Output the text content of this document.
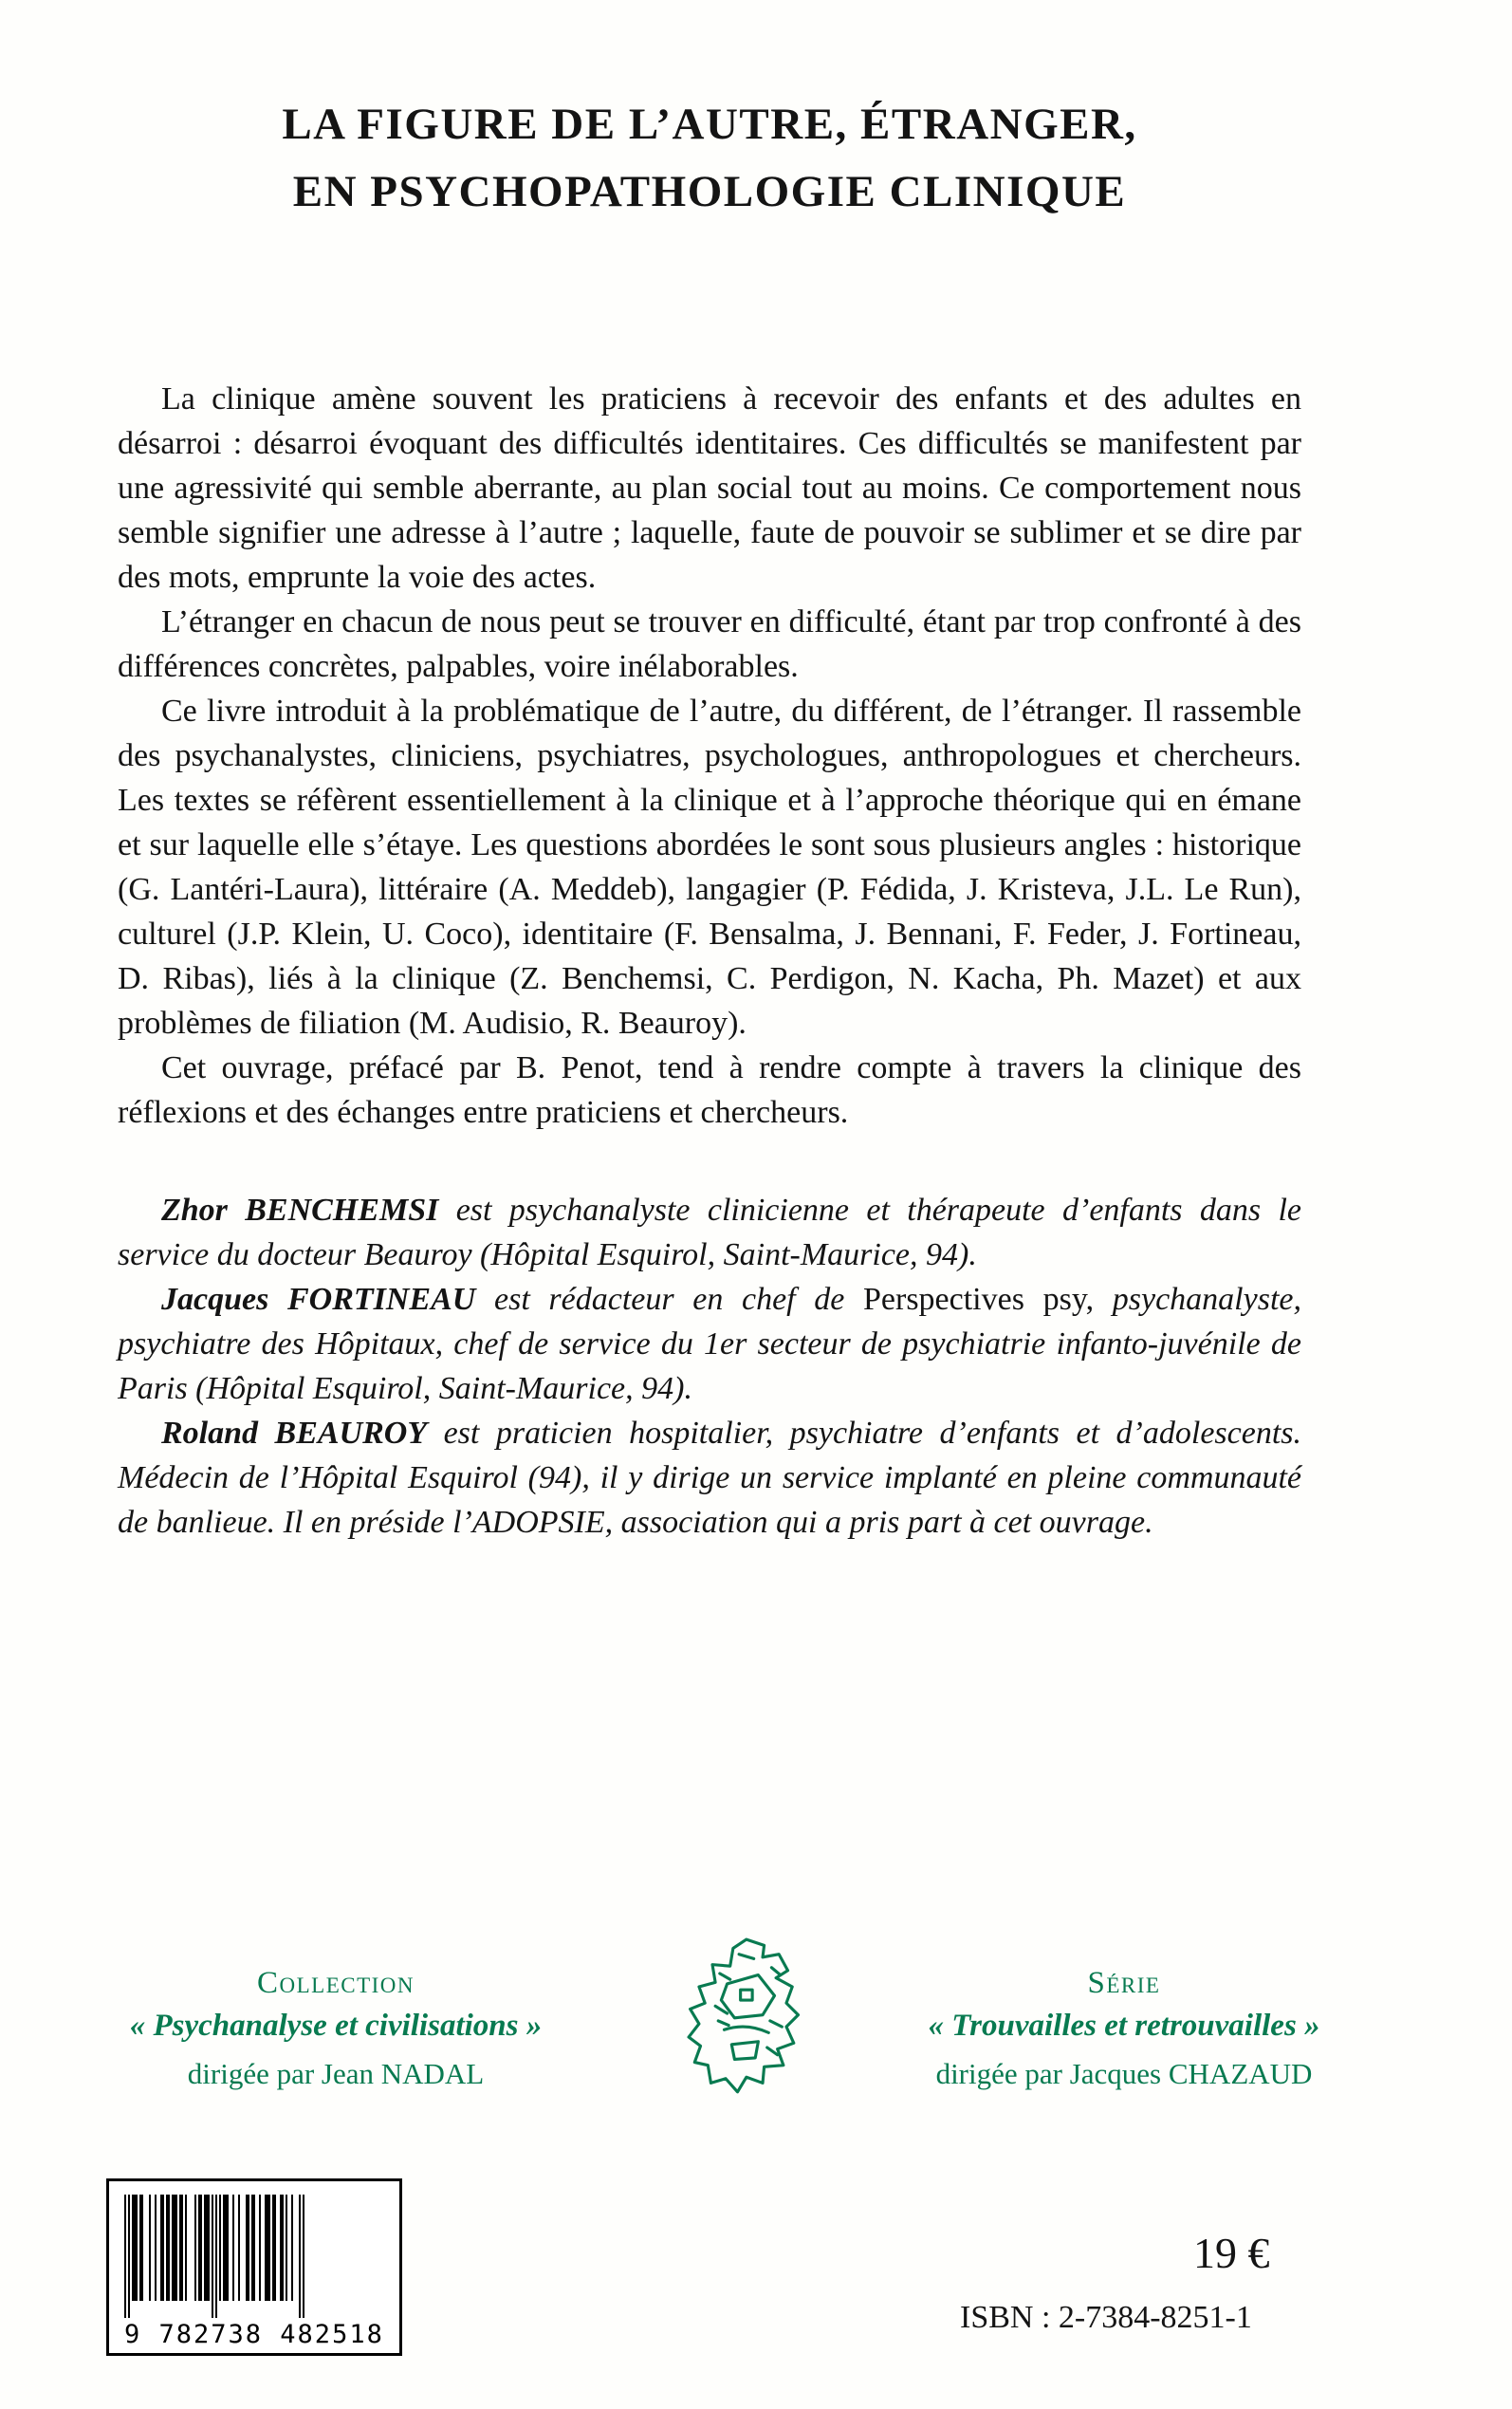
LA FIGURE DE L’AUTRE, ÉTRANGER,
EN PSYCHOPATHOLOGIE CLINIQUE

La clinique amène souvent les praticiens à recevoir des enfants et des adultes en désarroi : désarroi évoquant des difficultés identitaires. Ces difficultés se manifestent par une agressivité qui semble aberrante, au plan social tout au moins. Ce comportement nous semble signifier une adresse à l’autre ; laquelle, faute de pouvoir se sublimer et se dire par des mots, emprunte la voie des actes.

L’étranger en chacun de nous peut se trouver en difficulté, étant par trop confronté à des différences concrètes, palpables, voire inélaborables.

Ce livre introduit à la problématique de l’autre, du différent, de l’étranger. Il rassemble des psychanalystes, cliniciens, psychiatres, psychologues, anthropologues et chercheurs. Les textes se réfèrent essentiellement à la clinique et à l’approche théorique qui en émane et sur laquelle elle s’étaye. Les questions abordées le sont sous plusieurs angles : historique (G. Lantéri-Laura), littéraire (A. Meddeb), langagier (P. Fédida, J. Kristeva, J.L. Le Run), culturel (J.P. Klein, U. Coco), identitaire (F. Bensalma, J. Bennani, F. Feder, J. Fortineau, D. Ribas), liés à la clinique (Z. Benchemsi, C. Perdigon, N. Kacha, Ph. Mazet) et aux problèmes de filiation (M. Audisio, R. Beauroy).

Cet ouvrage, préfacé par B. Penot, tend à rendre compte à travers la clinique des réflexions et des échanges entre praticiens et chercheurs.

Zhor BENCHEMSI est psychanalyste clinicienne et thérapeute d’enfants dans le service du docteur Beauroy (Hôpital Esquirol, Saint-Maurice, 94).

Jacques FORTINEAU est rédacteur en chef de Perspectives psy, psychanalyste, psychiatre des Hôpitaux, chef de service du 1er secteur de psychiatrie infanto-juvénile de Paris (Hôpital Esquirol, Saint-Maurice, 94).

Roland BEAUROY est praticien hospitalier, psychiatre d’enfants et d’adolescents. Médecin de l’Hôpital Esquirol (94), il y dirige un service implanté en pleine communauté de banlieue. Il en préside l’ADOPSIE, association qui a pris part à cet ouvrage.

Collection
« Psychanalyse et civilisations »
dirigée par Jean NADAL
Série
« Trouvailles et retrouvailles »
dirigée par Jacques CHAZAUD
9 782738 482518
19 €
ISBN : 2-7384-8251-1
